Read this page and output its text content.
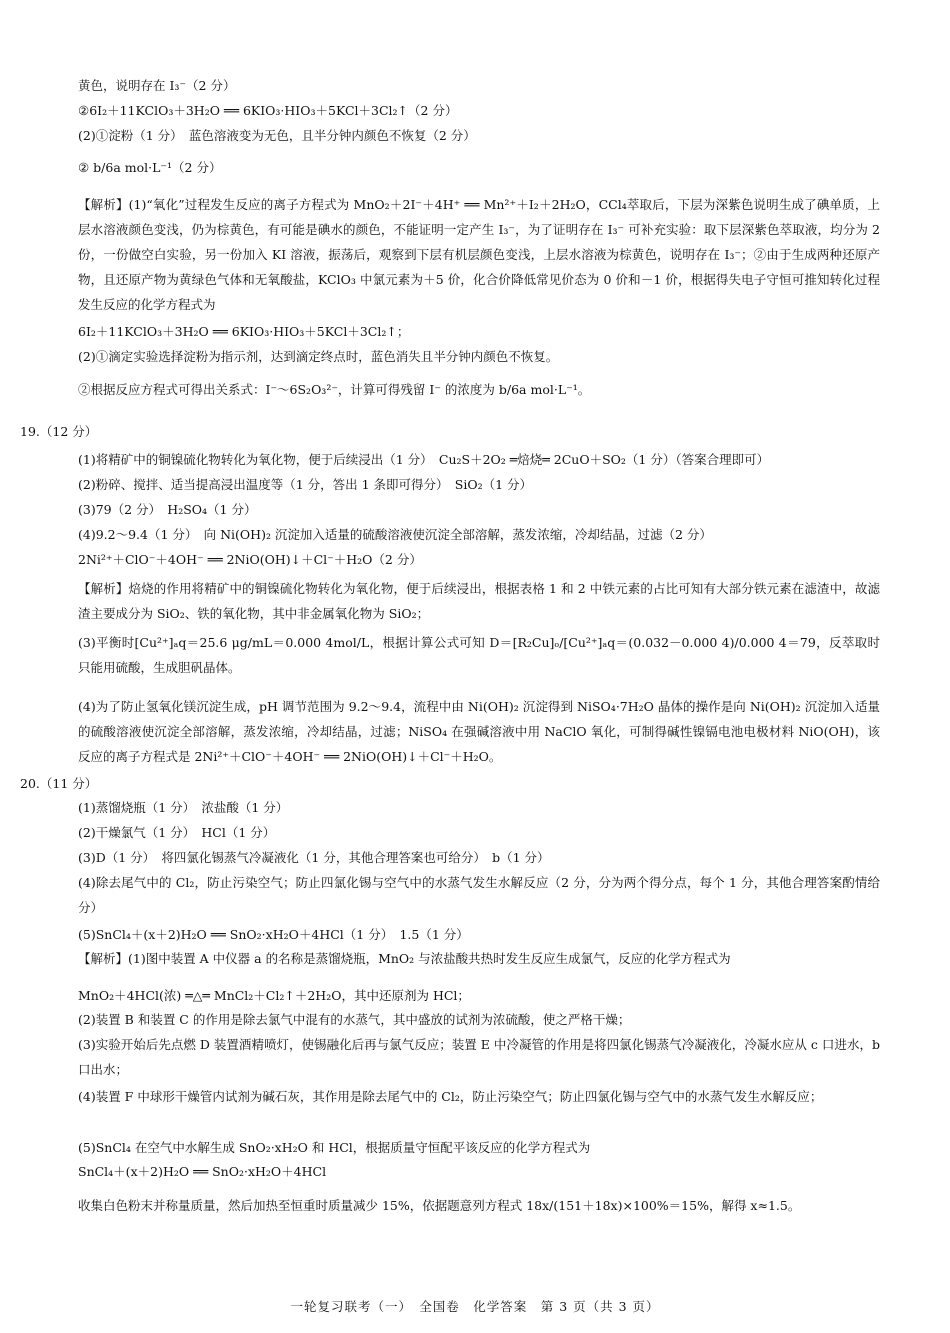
黄色，说明存在 I₃⁻（2 分）
②6I₂＋11KClO₃＋3H₂O ══ 6KIO₃·HIO₃＋5KCl＋3Cl₂↑（2 分）
(2)①淀粉（1 分）　蓝色溶液变为无色，且半分钟内颜色不恢复（2 分）
② b/6a mol·L⁻¹（2 分）
【解析】(1)“氧化”过程发生反应的离子方程式为 MnO₂＋2I⁻＋4H⁺ ══ Mn²⁺＋I₂＋2H₂O，CCl₄萃取后，下层为深紫色说明生成了碘单质，上层水溶液颜色变浅，仍为棕黄色，有可能是碘水的颜色，不能证明一定产生 I₃⁻，为了证明存在 I₃⁻ 可补充实验：取下层深紫色萃取液，均分为 2 份，一份做空白实验，另一份加入 KI 溶液，振荡后，观察到下层有机层颜色变浅，上层水溶液为棕黄色，说明存在 I₃⁻；②由于生成两种还原产物，且还原产物为黄绿色气体和无氧酸盐，KClO₃ 中氯元素为＋5 价，化合价降低常见价态为 0 价和－1 价，根据得失电子守恒可推知转化过程发生反应的化学方程式为
6I₂＋11KClO₃＋3H₂O ══ 6KIO₃·HIO₃＋5KCl＋3Cl₂↑；
(2)①滴定实验选择淀粉为指示剂，达到滴定终点时，蓝色消失且半分钟内颜色不恢复。
②根据反应方程式可得出关系式：I⁻～6S₂O₃²⁻，计算可得残留 I⁻ 的浓度为 b/6a mol·L⁻¹。
19.（12 分）
(1)将精矿中的铜镍硫化物转化为氧化物，便于后续浸出（1 分）　Cu₂S＋2O₂ ═焙烧═ 2CuO＋SO₂（1 分）（答案合理即可）
(2)粉碎、搅拌、适当提高浸出温度等（1 分，答出 1 条即可得分）　SiO₂（1 分）
(3)79（2 分）　H₂SO₄（1 分）
(4)9.2～9.4（1 分）　向 Ni(OH)₂ 沉淀加入适量的硫酸溶液使沉淀全部溶解，蒸发浓缩，冷却结晶，过滤（2 分）
2Ni²⁺＋ClO⁻＋4OH⁻ ══ 2NiO(OH)↓＋Cl⁻＋H₂O（2 分）
【解析】焙烧的作用将精矿中的铜镍硫化物转化为氧化物，便于后续浸出，根据表格 1 和 2 中铁元素的占比可知有大部分铁元素在滤渣中，故滤渣主要成分为 SiO₂、铁的氧化物，其中非金属氧化物为 SiO₂；
(3)平衡时[Cu²⁺]ₐq＝25.6 μg/mL＝0.000 4mol/L，根据计算公式可知 D＝[R₂Cu]ₒ/[Cu²⁺]ₐq＝(0.032－0.000 4)/0.000 4＝79，反萃取时只能用硫酸，生成胆矾晶体。
(4)为了防止氢氧化镁沉淀生成，pH 调节范围为 9.2～9.4，流程中由 Ni(OH)₂ 沉淀得到 NiSO₄·7H₂O 晶体的操作是向 Ni(OH)₂ 沉淀加入适量的硫酸溶液使沉淀全部溶解，蒸发浓缩，冷却结晶，过滤；NiSO₄ 在强碱溶液中用 NaClO 氧化，可制得碱性镍镉电池电极材料 NiO(OH)，该反应的离子方程式是 2Ni²⁺＋ClO⁻＋4OH⁻ ══ 2NiO(OH)↓＋Cl⁻＋H₂O。
20.（11 分）
(1)蒸馏烧瓶（1 分）　浓盐酸（1 分）
(2)干燥氯气（1 分）　HCl（1 分）
(3)D（1 分）　将四氯化锡蒸气冷凝液化（1 分，其他合理答案也可给分）　b（1 分）
(4)除去尾气中的 Cl₂，防止污染空气；防止四氯化锡与空气中的水蒸气发生水解反应（2 分，分为两个得分点，每个 1 分，其他合理答案酌情给分）
(5)SnCl₄＋(x＋2)H₂O ══ SnO₂·xH₂O＋4HCl（1 分）　1.5（1 分）
【解析】(1)图中装置 A 中仪器 a 的名称是蒸馏烧瓶，MnO₂ 与浓盐酸共热时发生反应生成氯气，反应的化学方程式为
MnO₂＋4HCl(浓) ═△═ MnCl₂＋Cl₂↑＋2H₂O，其中还原剂为 HCl；
(2)装置 B 和装置 C 的作用是除去氯气中混有的水蒸气，其中盛放的试剂为浓硫酸，使之严格干燥；
(3)实验开始后先点燃 D 装置酒精喷灯，使锡融化后再与氯气反应；装置 E 中冷凝管的作用是将四氯化锡蒸气冷凝液化，冷凝水应从 c 口进水，b 口出水；
(4)装置 F 中球形干燥管内试剂为碱石灰，其作用是除去尾气中的 Cl₂，防止污染空气；防止四氯化锡与空气中的水蒸气发生水解反应；
(5)SnCl₄ 在空气中水解生成 SnO₂·xH₂O 和 HCl，根据质量守恒配平该反应的化学方程式为
SnCl₄＋(x＋2)H₂O ══ SnO₂·xH₂O＋4HCl
收集白色粉末并称量质量，然后加热至恒重时质量减少 15%，依据题意列方程式 18x/(151＋18x)×100%＝15%，解得 x≈1.5。
一轮复习联考（一）　全国卷　化学答案　第 3 页（共 3 页）
